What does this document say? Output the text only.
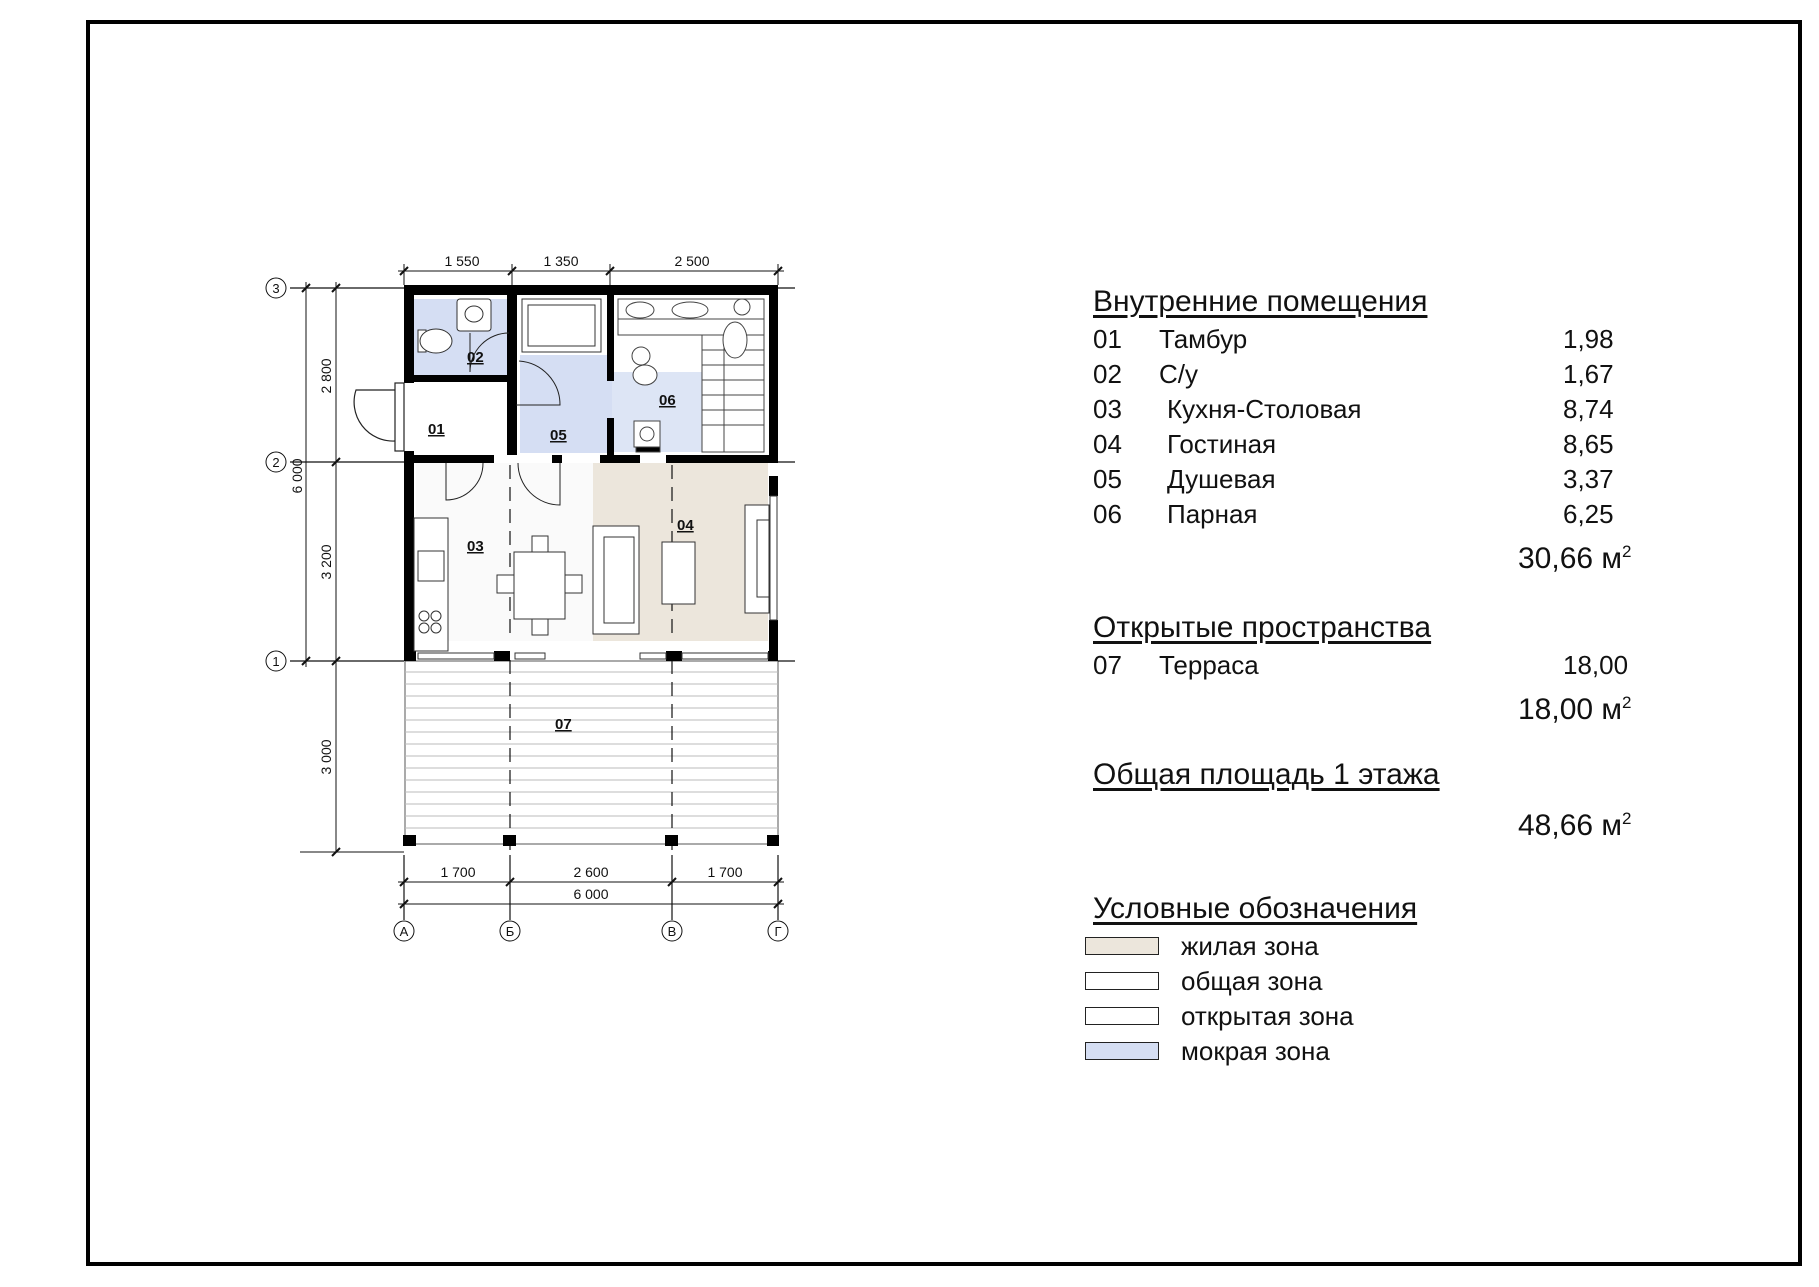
01
02
03
04
05
06
07
1 550	1 350	2 500
1 700	2 600	1 700
6 000
2 800
3 200
3 000
6 000
3
2
1
А	Б	В	Г
Внутренние помещения
01 Тамбур	1,98
02 С/у	1,67
03 Кухня-Столовая	8,74
04 Гостиная	8,65
05 Душевая	3,37
06 Парная	6,25
30,66 $м^2$
Открытые пространства
07 Терраса	18,00
18,00 $м^2$
Общая площадь 1 этажа
48,66 $м^2$
Условные обозначения
жилая зона
общая зона
открытая зона
мокрая зона
